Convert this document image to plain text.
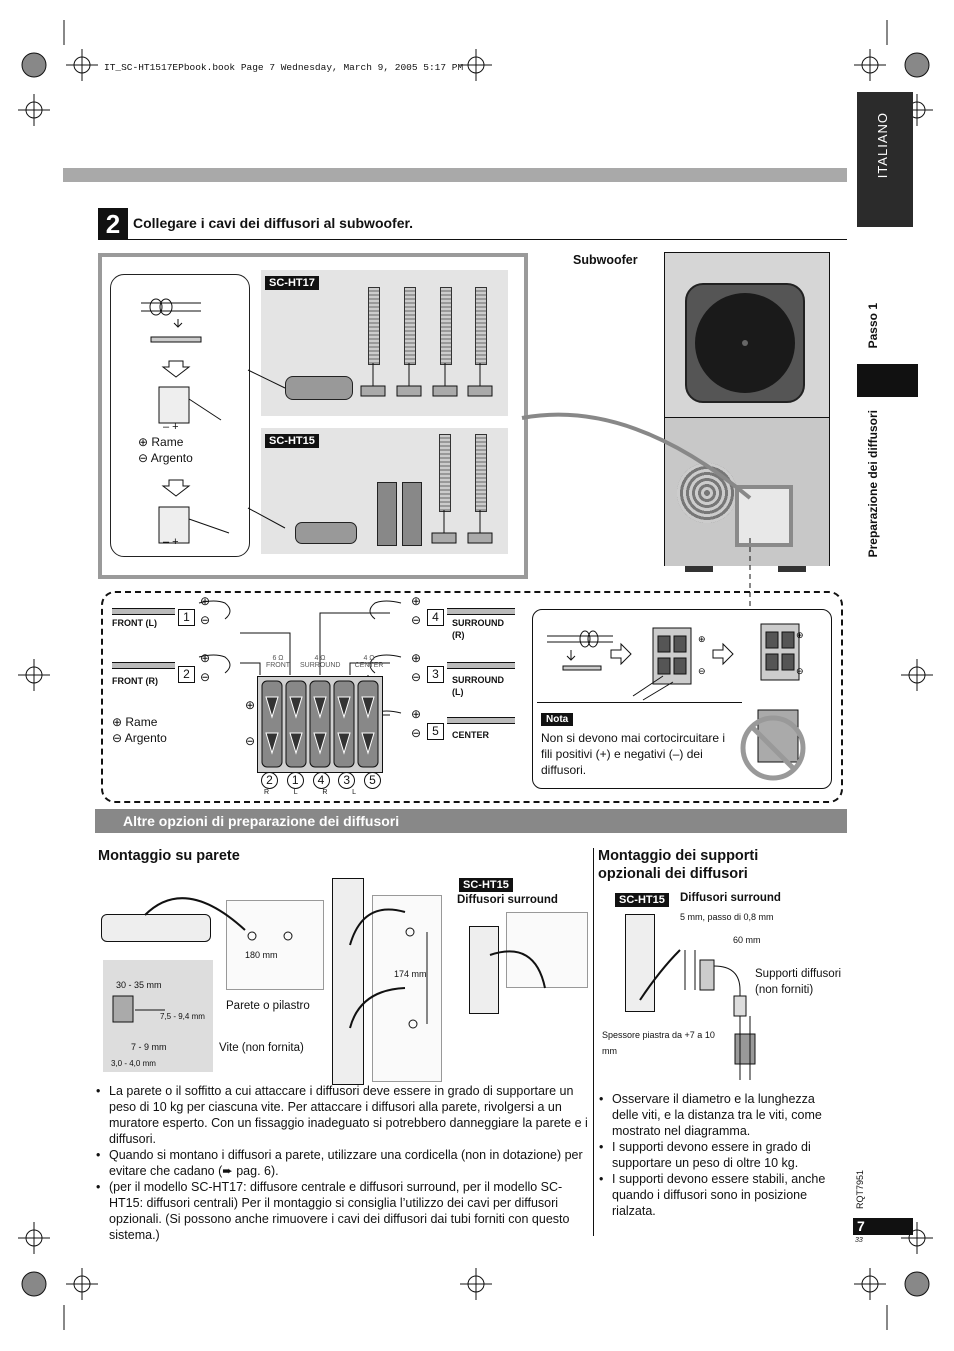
IT_SC-HT1517EPbook.book Page 7 Wednesday, March 9, 2005 5:17 PM
ITALIANO
Passo 1
Preparazione dei diffusori
2 Collegare i cavi dei diffusori al subwoofer.
– +
– +
⊕ Rame
⊖ Argento
SC-HT17
SC-HT15
Subwoofer
1
FRONT (L)
2
FRONT (R)
⊕ Rame
⊖ Argento
4	SURROUND
(R)
3	SURROUND
(L)
5	CENTER
⊕
⊖
⊕
⊖
⊕
⊖
⊕
⊖
⊕
⊖
6 Ω FRONT
4 Ω SURROUND
4 Ω CENTER
⊕
⊖
2	1	4	3	5
R	L	R	L
⊕
⊖
⊕
⊖
Nota
Non si devono mai cortocircuitare i fili positivi (+) e negativi (–) dei diffusori.
Altre opzioni di preparazione dei diffusori
Montaggio su parete
SC-HT15
Diffusori surround
180 mm
30 - 35 mm
7,5 - 9,4 mm
7 - 9 mm
3,0 - 4,0 mm
174 mm
Parete o pilastro
Vite (non fornita)
• La parete o il soffitto a cui attaccare i diffusori deve essere in grado di supportare un peso di 10 kg per ciascuna vite. Per attaccare i diffusori alla parete, rivolgersi a un muratore esperto. Con un fissaggio inadeguato si potrebbero danneggiare la parete e i diffusori.
• Quando si montano i diffusori a parete, utilizzare una cordicella (non in dotazione) per evitare che cadano (➨ pag. 6).
• (per il modello SC-HT17: diffusore centrale e diffusori surround, per il modello SC-HT15: diffusori centrali) Per il montaggio si consiglia l’utilizzo dei cavi per diffusori opzionali. (Si possono anche rimuovere i cavi dei diffusori dai tubi forniti con questo sistema.)
Montaggio dei supporti opzionali dei diffusori
SC-HT15	Diffusori surround
5 mm, passo di 0,8 mm
60 mm
Supporti diffusori (non forniti)
Spessore piastra da +7 a 10 mm
• Osservare il diametro e la lunghezza delle viti, e la distanza tra le viti, come mostrato nel diagramma.
• I supporti devono essere in grado di supportare un peso di oltre 10 kg.
• I supporti devono essere stabili, anche quando i diffusori sono in posizione rialzata.
RQT7951
7
33
